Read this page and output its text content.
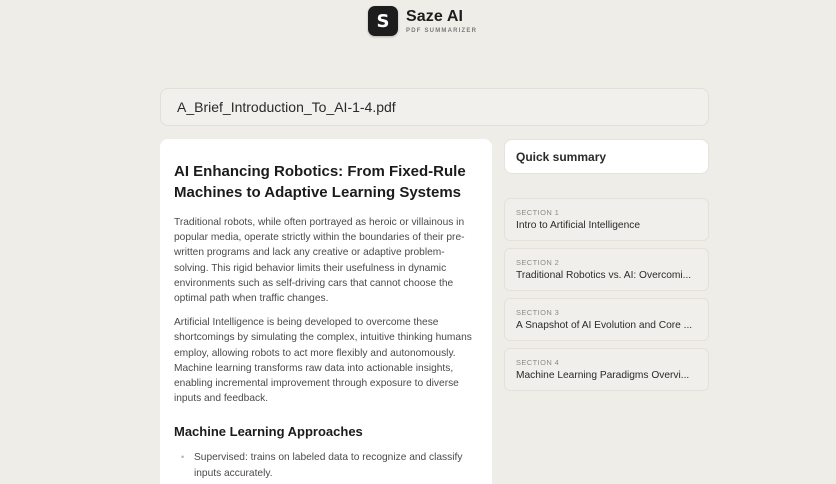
S	Saze AI
PDF SUMMARIZER
A_Brief_Introduction_To_AI-1-4.pdf
AI Enhancing Robotics: From Fixed-Rule Machines to Adaptive Learning Systems

Traditional robots, while often portrayed as heroic or villainous in popular media, operate strictly within the boundaries of their pre-written programs and lack any creative or adaptive problem-solving. This rigid behavior limits their usefulness in dynamic environments such as self-driving cars that cannot choose the optimal path when traffic changes.

Artificial Intelligence is being developed to overcome these shortcomings by simulating the complex, intuitive thinking humans employ, allowing robots to act more flexibly and autonomously. Machine learning transforms raw data into actionable insights, enabling incremental improvement through exposure to diverse inputs and feedback.

Machine Learning Approaches
• Supervised: trains on labeled data to recognize and classify inputs accurately.
Quick summary
SECTION 1
Intro to Artificial Intelligence
SECTION 2
Traditional Robotics vs. AI: Overcomi...
SECTION 3
A Snapshot of AI Evolution and Core ...
SECTION 4
Machine Learning Paradigms Overvi...
